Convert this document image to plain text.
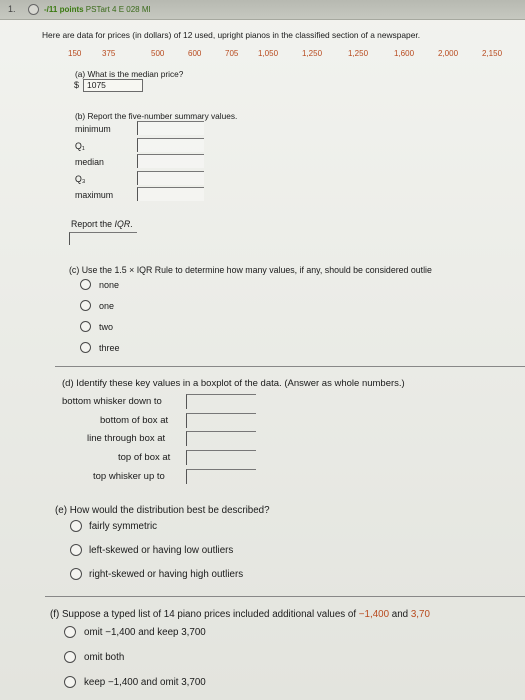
1.	-/11 points PSTart 4 E 028 MI
Here are data for prices (in dollars) of 12 used, upright pianos in the classified section of a newspaper.
150	375	500	600	705 1,050	1,250	1,250	1,600	2,000	2,150
(a) What is the median price?
$ 1075
(b) Report the five-number summary values.
minimum
Q₁
median
Q₃
maximum
Report the IQR.
(c) Use the 1.5 × IQR Rule to determine how many values, if any, should be considered outlie
none
one
two
three
(d) Identify these key values in a boxplot of the data. (Answer as whole numbers.)
bottom whisker down to
bottom of box at
line through box at
top of box at
top whisker up to
(e) How would the distribution best be described?
fairly symmetric
left-skewed or having low outliers
right-skewed or having high outliers
(f) Suppose a typed list of 14 piano prices included additional values of −1,400 and 3,70
omit −1,400 and keep 3,700
omit both
keep −1,400 and omit 3,700
